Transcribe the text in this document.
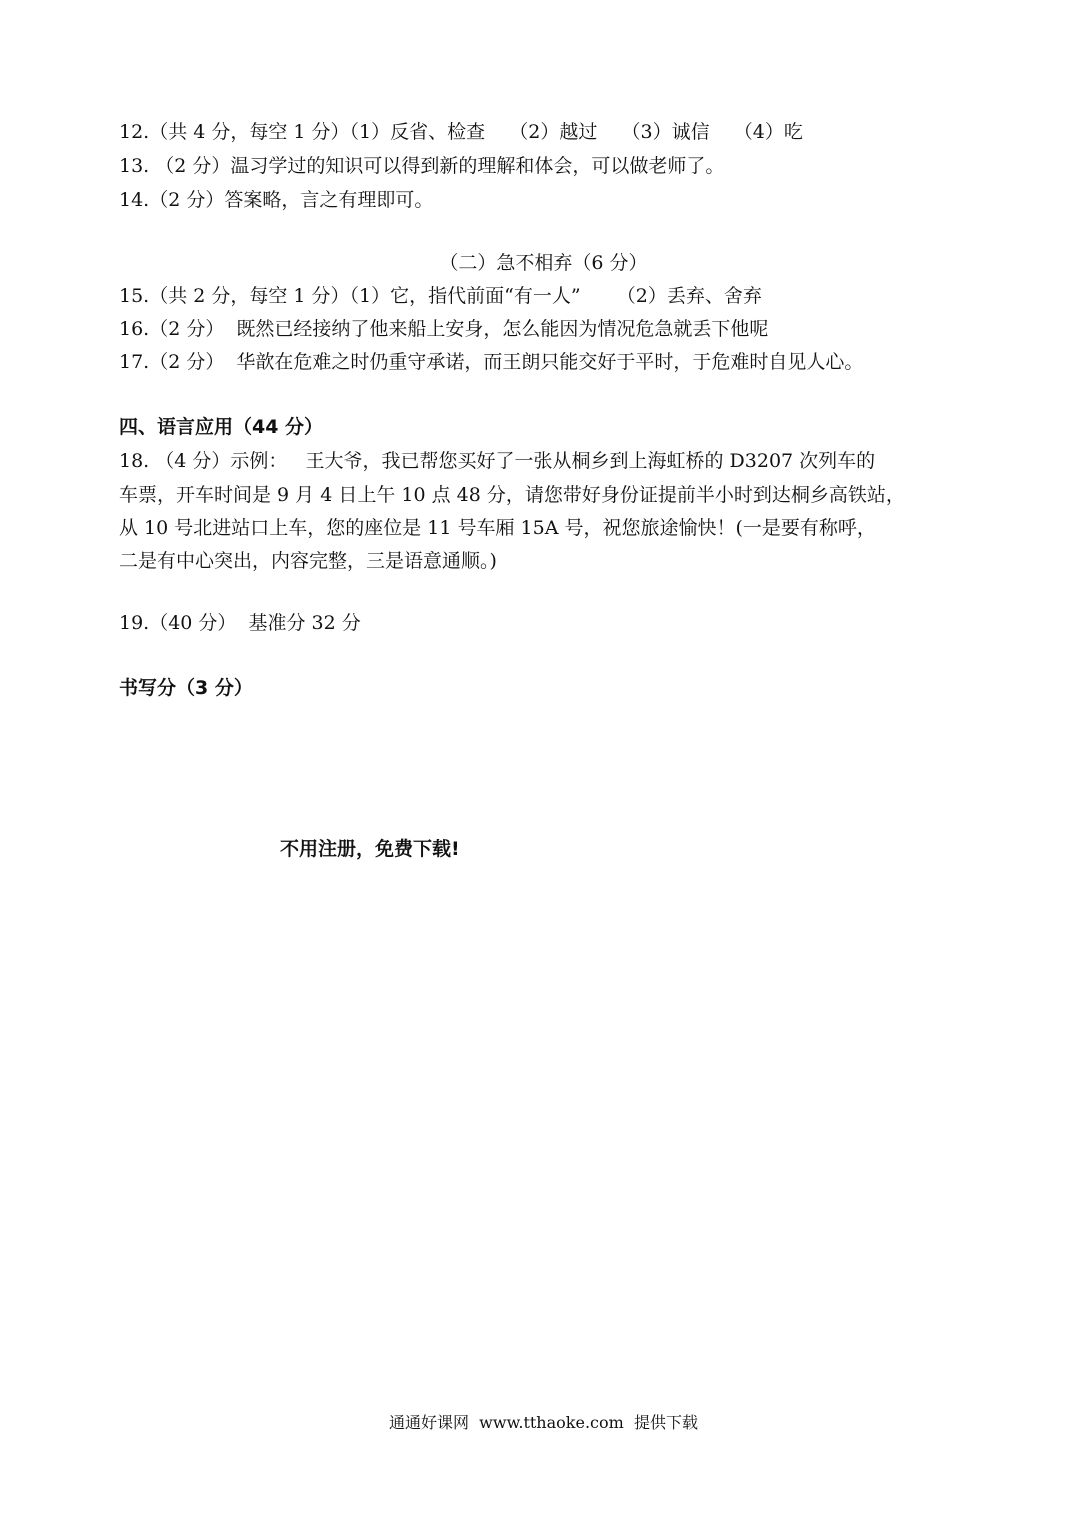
12.（共 4 分，每空 1 分）（1）反省、检查    （2）越过    （3）诚信    （4）吃
13. （2 分）温习学过的知识可以得到新的理解和体会，可以做老师了。
14.（2 分）答案略，言之有理即可。
（二）急不相弃（6 分）
15.（共 2 分，每空 1 分）（1）它，指代前面“有一人”      （2）丢弃、舍弃
16.（2 分）  既然已经接纳了他来船上安身，怎么能因为情况危急就丢下他呢
17.（2 分）  华歆在危难之时仍重守承诺，而王朗只能交好于平时，于危难时自见人心。
四、语言应用（44 分）
18. （4 分）示例：   王大爷，我已帮您买好了一张从桐乡到上海虹桥的 D3207 次列车的
车票，开车时间是 9 月 4 日上午 10 点 48 分，请您带好身份证提前半小时到达桐乡高铁站，
从 10 号北进站口上车，您的座位是 11 号车厢 15A 号，祝您旅途愉快！(一是要有称呼，
二是有中心突出，内容完整，三是语意通顺。)
19.（40 分）  基准分 32 分
书写分（3 分）
不用注册，免费下载!
通通好课网  www.tthaoke.com  提供下载
